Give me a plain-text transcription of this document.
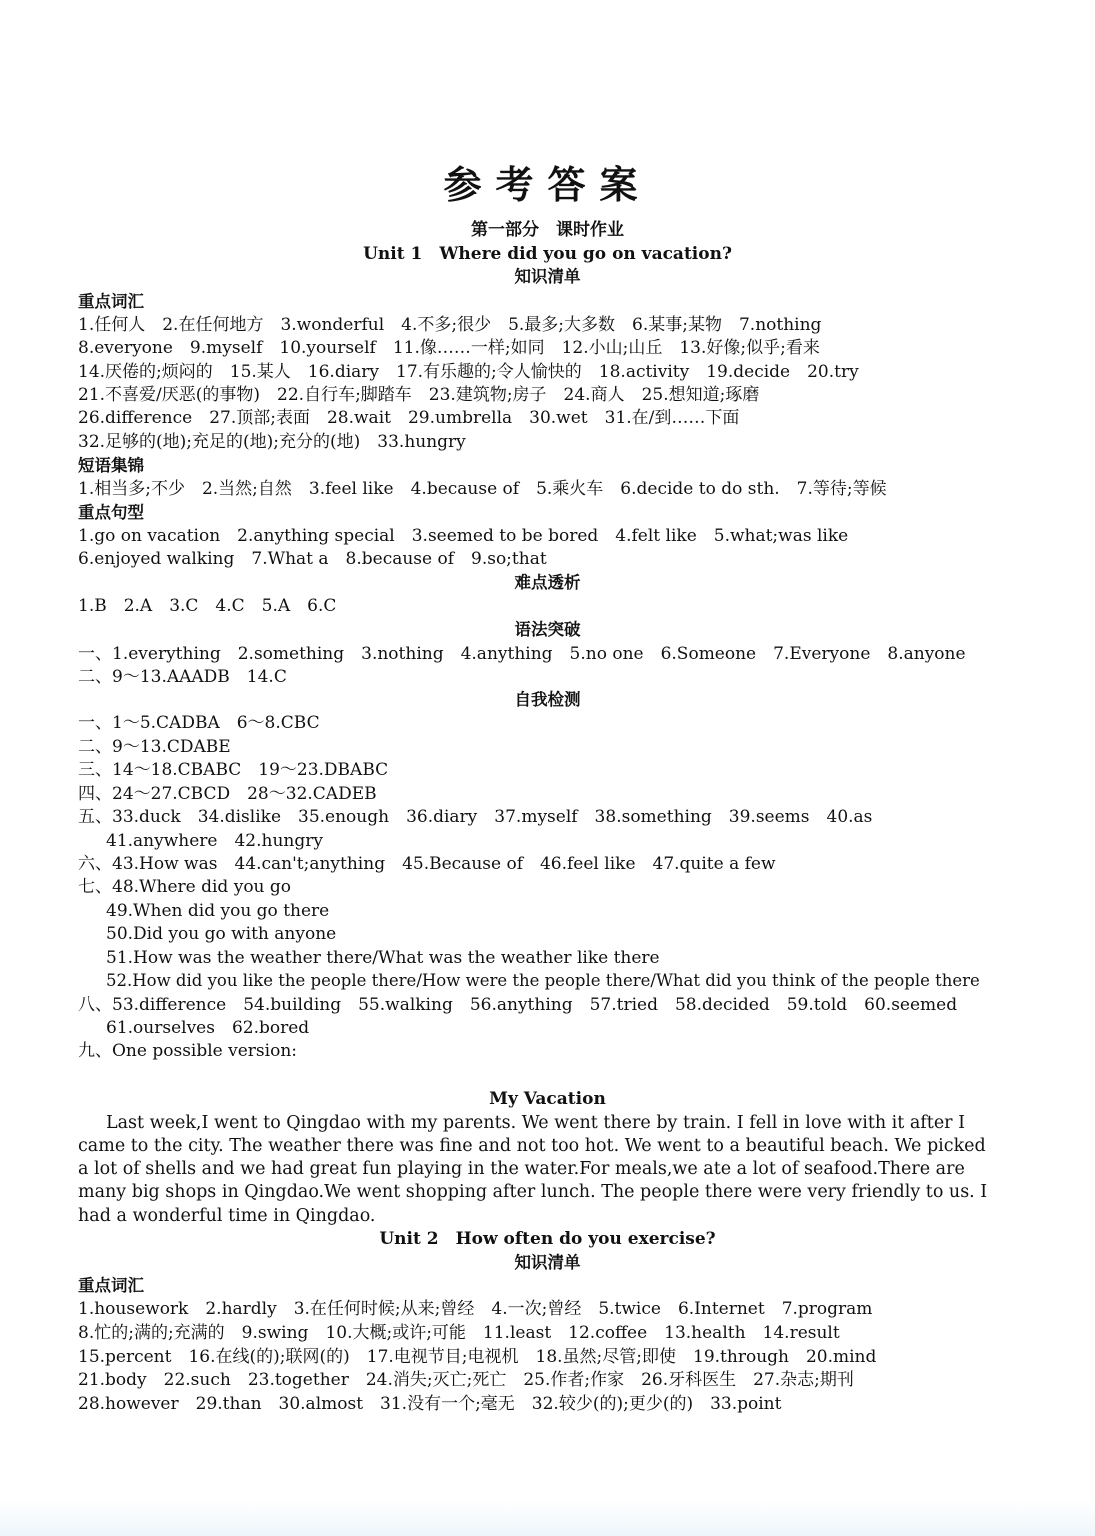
参考答案
第一部分　课时作业
Unit 1　Where did you go on vacation?
知识清单
重点词汇
1.任何人　2.在任何地方　3.wonderful　4.不多;很少　5.最多;大多数　6.某事;某物　7.nothing
8.everyone　9.myself　10.yourself　11.像……一样;如同　12.小山;山丘　13.好像;似乎;看来
14.厌倦的;烦闷的　15.某人　16.diary　17.有乐趣的;令人愉快的　18.activity　19.decide　20.try
21.不喜爱/厌恶(的事物)　22.自行车;脚踏车　23.建筑物;房子　24.商人　25.想知道;琢磨
26.difference　27.顶部;表面　28.wait　29.umbrella　30.wet　31.在/到……下面
32.足够的(地);充足的(地);充分的(地)　33.hungry
短语集锦
1.相当多;不少　2.当然;自然　3.feel like　4.because of　5.乘火车　6.decide to do sth.　7.等待;等候
重点句型
1.go on vacation　2.anything special　3.seemed to be bored　4.felt like　5.what;was like
6.enjoyed walking　7.What a　8.because of　9.so;that
难点透析
1.B　2.A　3.C　4.C　5.A　6.C
语法突破
一、1.everything　2.something　3.nothing　4.anything　5.no one　6.Someone　7.Everyone　8.anyone
二、9～13.AAADB　14.C
自我检测
一、1～5.CADBA　6～8.CBC
二、9～13.CDABE
三、14～18.CBABC　19～23.DBABC
四、24～27.CBCD　28～32.CADEB
五、33.duck　34.dislike　35.enough　36.diary　37.myself　38.something　39.seems　40.as
41.anywhere　42.hungry
六、43.How was　44.can't;anything　45.Because of　46.feel like　47.quite a few
七、48.Where did you go
49.When did you go there
50.Did you go with anyone
51.How was the weather there/What was the weather like there
52.How did you like the people there/How were the people there/What did you think of the people there
八、53.difference　54.building　55.walking　56.anything　57.tried　58.decided　59.told　60.seemed
61.ourselves　62.bored
九、One possible version:
My Vacation
Last week,I went to Qingdao with my parents. We went there by train. I fell in love with it after I
came to the city. The weather there was fine and not too hot. We went to a beautiful beach. We picked
a lot of shells and we had great fun playing in the water.For meals,we ate a lot of seafood.There are
many big shops in Qingdao.We went shopping after lunch. The people there were very friendly to us. I
had a wonderful time in Qingdao.
Unit 2　How often do you exercise?
知识清单
重点词汇
1.housework　2.hardly　3.在任何时候;从来;曾经　4.一次;曾经　5.twice　6.Internet　7.program
8.忙的;满的;充满的　9.swing　10.大概;或许;可能　11.least　12.coffee　13.health　14.result
15.percent　16.在线(的);联网(的)　17.电视节目;电视机　18.虽然;尽管;即使　19.through　20.mind
21.body　22.such　23.together　24.消失;灭亡;死亡　25.作者;作家　26.牙科医生　27.杂志;期刊
28.however　29.than　30.almost　31.没有一个;毫无　32.较少(的);更少(的)　33.point
